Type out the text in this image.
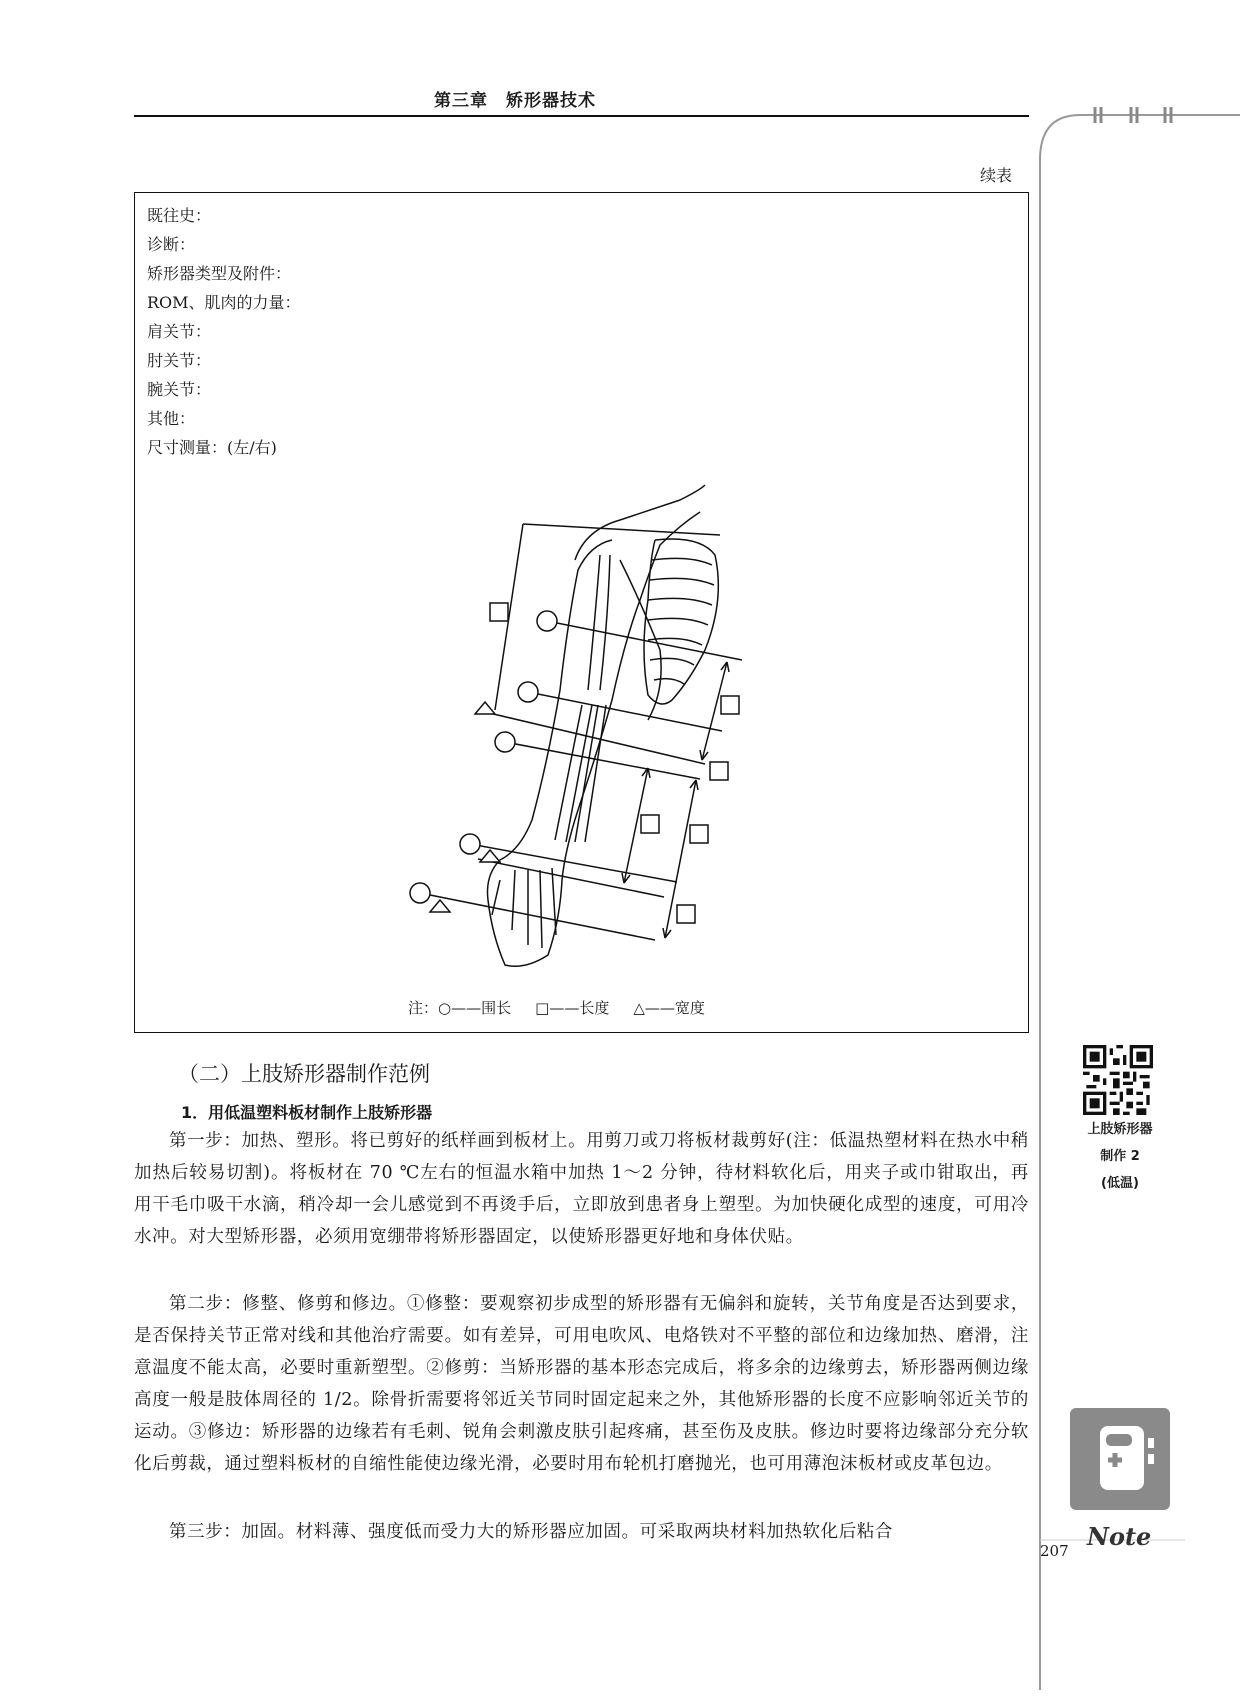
第三章　矫形器技术
续表
既往史：
诊断：
矫形器类型及附件：
ROM、肌肉的力量：
肩关节：
肘关节：
腕关节：
其他：
尺寸测量：(左/右)
注：○——围长 □——长度 △——宽度
（二）上肢矫形器制作范例
1．用低温塑料板材制作上肢矫形器
第一步：加热、塑形。将已剪好的纸样画到板材上。用剪刀或刀将板材裁剪好(注：低温热塑材料在热水中稍加热后较易切割)。将板材在 70 ℃左右的恒温水箱中加热 1～2 分钟，待材料软化后，用夹子或巾钳取出，再用干毛巾吸干水滴，稍冷却一会儿感觉到不再烫手后，立即放到患者身上塑型。为加快硬化成型的速度，可用冷水冲。对大型矫形器，必须用宽绷带将矫形器固定，以使矫形器更好地和身体伏贴。
第二步：修整、修剪和修边。①修整：要观察初步成型的矫形器有无偏斜和旋转，关节角度是否达到要求，是否保持关节正常对线和其他治疗需要。如有差异，可用电吹风、电烙铁对不平整的部位和边缘加热、磨滑，注意温度不能太高，必要时重新塑型。②修剪：当矫形器的基本形态完成后，将多余的边缘剪去，矫形器两侧边缘高度一般是肢体周径的 1/2。除骨折需要将邻近关节同时固定起来之外，其他矫形器的长度不应影响邻近关节的运动。③修边：矫形器的边缘若有毛刺、锐角会刺激皮肤引起疼痛，甚至伤及皮肤。修边时要将边缘部分充分软化后剪裁，通过塑料板材的自缩性能使边缘光滑，必要时用布轮机打磨抛光，也可用薄泡沫板材或皮革包边。
第三步：加固。材料薄、强度低而受力大的矫形器应加固。可采取两块材料加热软化后粘合
上肢矫形器
制作 2
(低温)
Note
207
